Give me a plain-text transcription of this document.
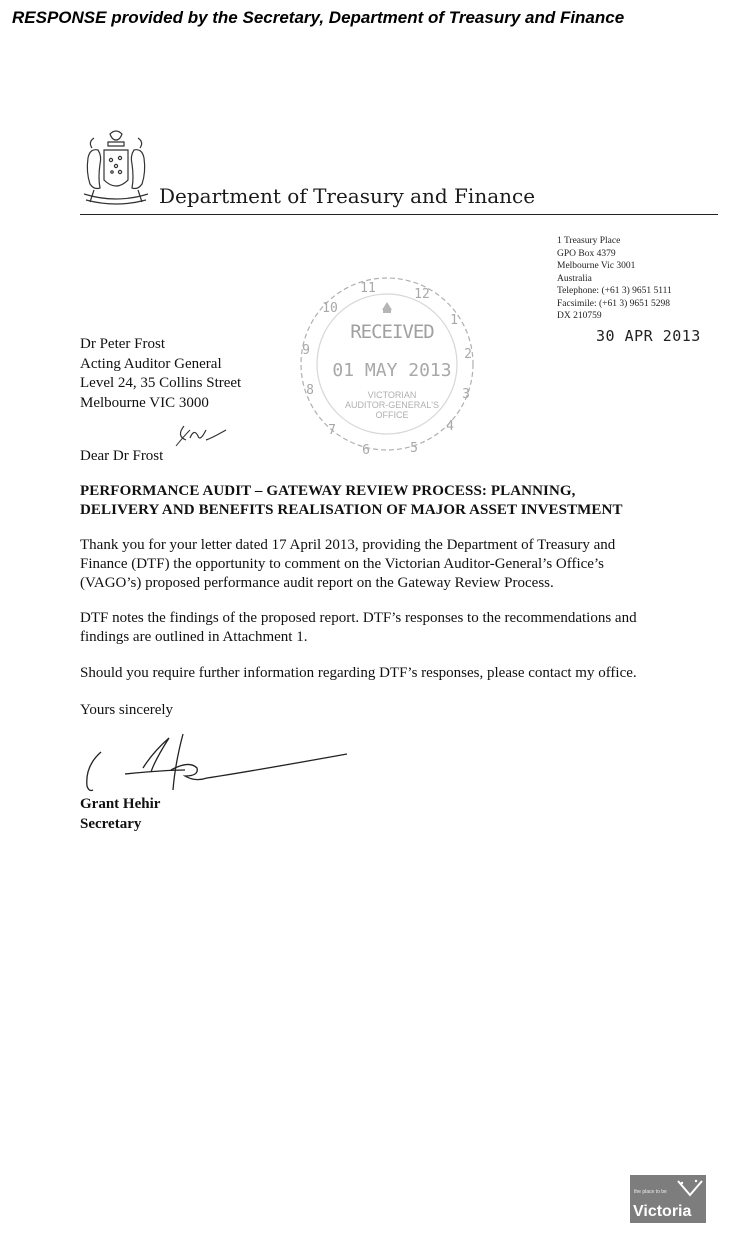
RESPONSE provided by the Secretary, Department of Treasury and Finance
Department of Treasury and Finance
1 Treasury Place
GPO Box 4379
Melbourne Vic 3001
Australia
Telephone: (+61 3) 9651 5111
Facsimile: (+61 3) 9651 5298
DX 210759
30 APR 2013
11	12
1
2
3
4
5
6
7
8
9
10
RECEIVED
01 MAY 2013
VICTORIAN
AUDITOR-GENERAL'S
OFFICE
Dr Peter Frost
Acting Auditor General
Level 24, 35 Collins Street
Melbourne VIC 3000
Dear Dr Frost
PERFORMANCE AUDIT – GATEWAY REVIEW PROCESS: PLANNING,
DELIVERY AND BENEFITS REALISATION OF MAJOR ASSET INVESTMENT
Thank you for your letter dated 17 April 2013, providing the Department of Treasury and
Finance (DTF) the opportunity to comment on the Victorian Auditor-General’s Office’s
(VAGO’s) proposed performance audit report on the Gateway Review Process.
DTF notes the findings of the proposed report. DTF’s responses to the recommendations and
findings are outlined in Attachment 1.
Should you require further information regarding DTF’s responses, please contact my office.
Yours sincerely
Grant Hehir
Secretary
the place to be
Victoria
